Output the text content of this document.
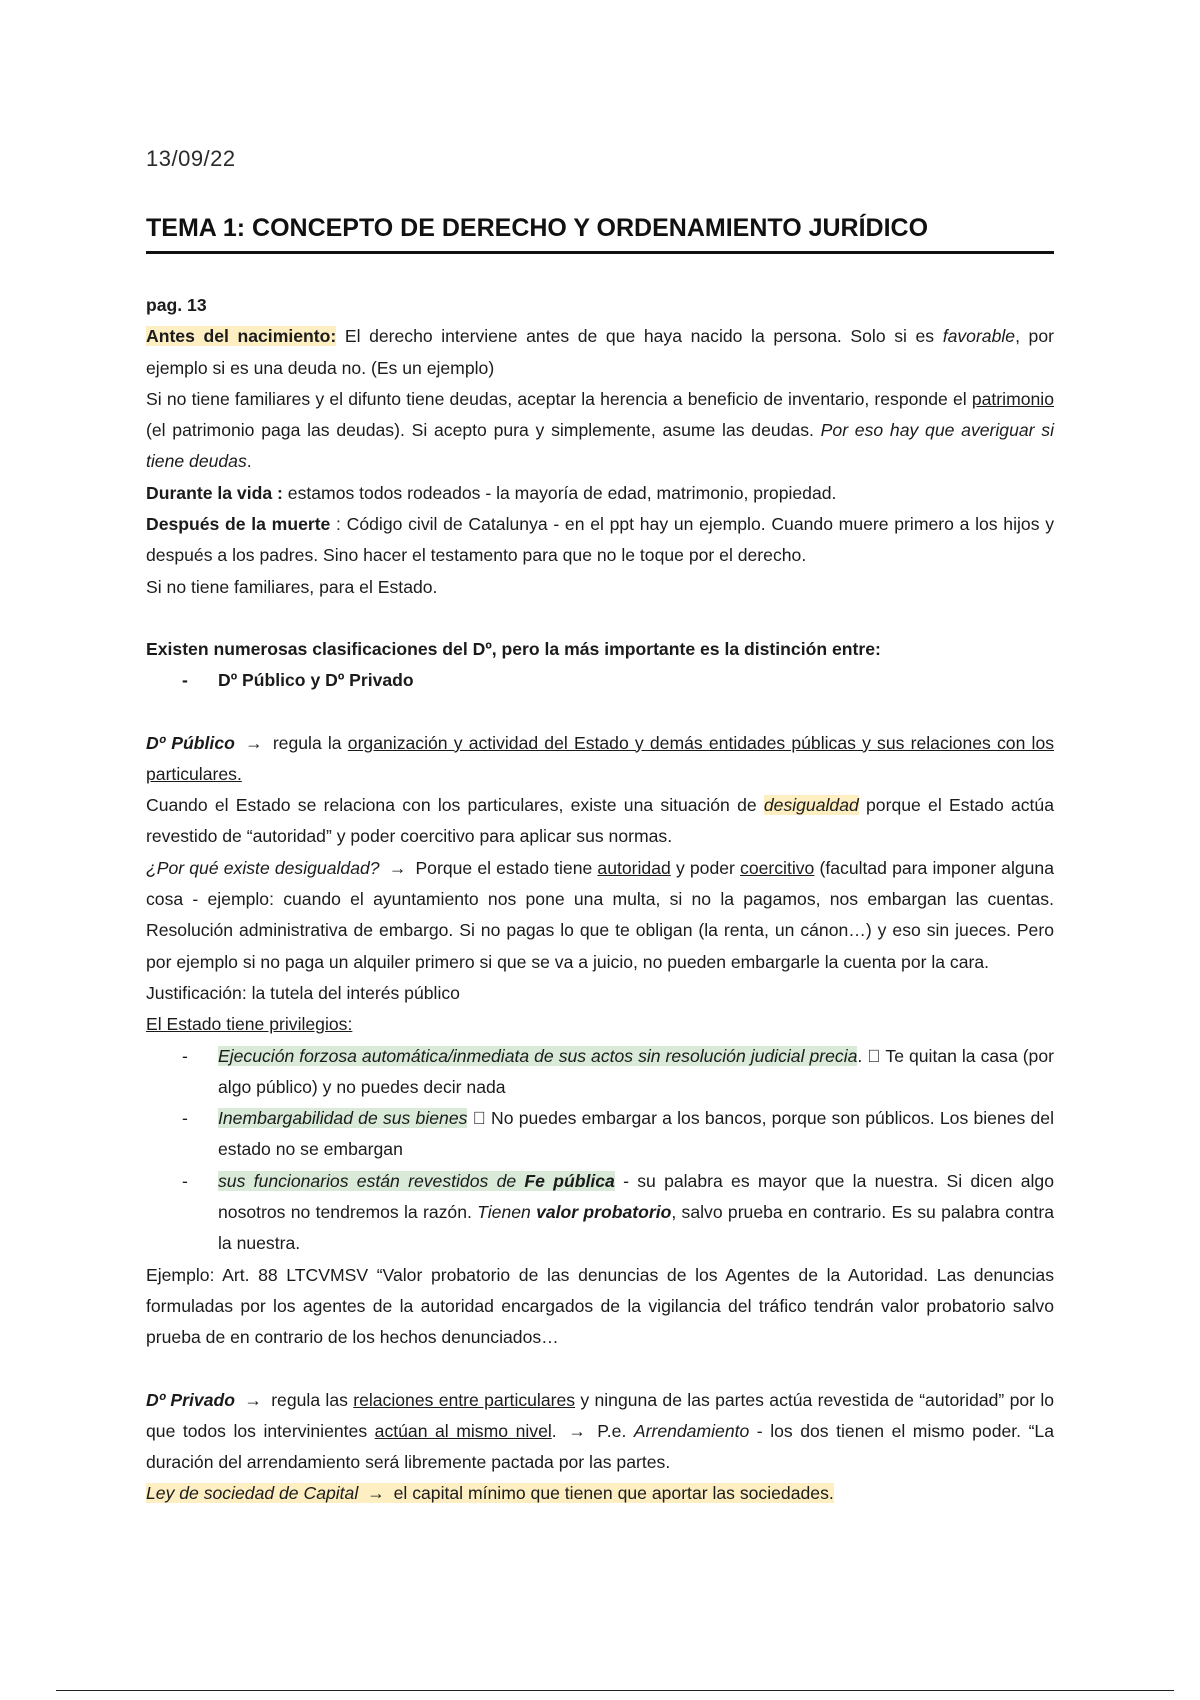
13/09/22
TEMA 1: CONCEPTO DE DERECHO Y ORDENAMIENTO JURÍDICO

pag. 13

Antes del nacimiento: El derecho interviene antes de que haya nacido la persona. Solo si es favorable, por ejemplo si es una deuda no. (Es un ejemplo)

Si no tiene familiares y el difunto tiene deudas, aceptar la herencia a beneficio de inventario, responde el patrimonio (el patrimonio paga las deudas). Si acepto pura y simplemente, asume las deudas. Por eso hay que averiguar si tiene deudas.

Durante la vida : estamos todos rodeados - la mayoría de edad, matrimonio, propiedad.

Después de la muerte : Código civil de Catalunya - en el ppt hay un ejemplo. Cuando muere primero a los hijos y después a los padres. Sino hacer el testamento para que no le toque por el derecho.

Si no tiene familiares, para el Estado.

Existen numerosas clasificaciones del Dº, pero la más importante es la distinción entre:

- Dº Público y Dº Privado

Dº Público → regula la organización y actividad del Estado y demás entidades públicas y sus relaciones con los particulares.

Cuando el Estado se relaciona con los particulares, existe una situación de desigualdad porque el Estado actúa revestido de “autoridad” y poder coercitivo para aplicar sus normas.

¿Por qué existe desigualdad? → Porque el estado tiene autoridad y poder coercitivo (facultad para imponer alguna cosa - ejemplo: cuando el ayuntamiento nos pone una multa, si no la pagamos, nos embargan las cuentas. Resolución administrativa de embargo. Si no pagas lo que te obligan (la renta, un cánon…) y eso sin jueces. Pero por ejemplo si no paga un alquiler primero si que se va a juicio, no pueden embargarle la cuenta por la cara.

Justificación: la tutela del interés público

El Estado tiene privilegios:

- Ejecución forzosa automática/inmediata de sus actos sin resolución judicial precia. ￿ Te quitan la casa (por algo público) y no puedes decir nada
- Inembargabilidad de sus bienes ￿ No puedes embargar a los bancos, porque son públicos. Los bienes del estado no se embargan
- sus funcionarios están revestidos de Fe pública - su palabra es mayor que la nuestra. Si dicen algo nosotros no tendremos la razón. Tienen valor probatorio, salvo prueba en contrario. Es su palabra contra la nuestra.

Ejemplo: Art. 88 LTCVMSV “Valor probatorio de las denuncias de los Agentes de la Autoridad. Las denuncias formuladas por los agentes de la autoridad encargados de la vigilancia del tráfico tendrán valor probatorio salvo prueba de en contrario de los hechos denunciados…

Dº Privado → regula las relaciones entre particulares y ninguna de las partes actúa revestida de “autoridad” por lo que todos los intervinientes actúan al mismo nivel. → P.e. Arrendamiento - los dos tienen el mismo poder. “La duración del arrendamiento será libremente pactada por las partes.

Ley de sociedad de Capital → el capital mínimo que tienen que aportar las sociedades.
